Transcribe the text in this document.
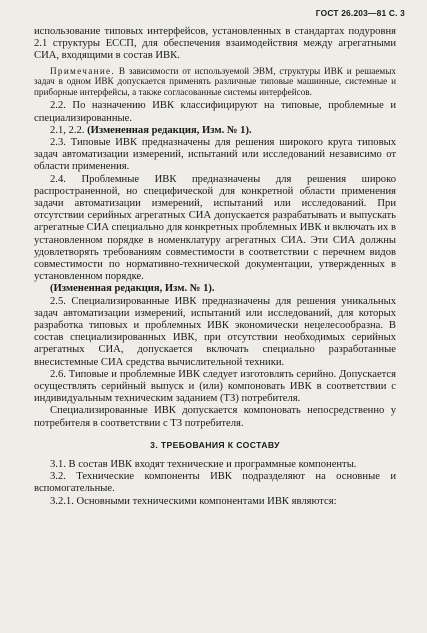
ГОСТ 26.203—81 С. 3

использование типовых интерфейсов, установленных в стандартах подуровня 2.1 структуры ЕССП, для обеспечения взаимодействия между агрегатными СИА, входящими в состав ИВК.

Примечание. В зависимости от используемой ЭВМ, структуры ИВК и решаемых задач в одном ИВК допускается применять различные типовые машинные, системные и приборные интерфейсы, а также согласованные системы интерфейсов.

2.2. По назначению ИВК классифицируют на типовые, проблемные и специализированные.

2.1, 2.2. (Измененная редакция, Изм. № 1).

2.3. Типовые ИВК предназначены для решения широкого круга типовых задач автоматизации измерений, испытаний или исследований независимо от области применения.

2.4. Проблемные ИВК предназначены для решения широко распространенной, но специфической для конкретной области применения задачи автоматизации измерений, испытаний или исследований. При отсутствии серийных агрегатных СИА допускается разрабатывать и выпускать агрегатные СИА специально для конкретных проблемных ИВК и включать их в установленном порядке в номенклатуру агрегатных СИА. Эти СИА должны удовлетворять требованиям совместимости в соответствии с перечнем видов совместимости по нормативно-технической документации, утвержденных в установленном порядке.

(Измененная редакция, Изм. № 1).

2.5. Специализированные ИВК предназначены для решения уникальных задач автоматизации измерений, испытаний или исследований, для которых разработка типовых и проблемных ИВК экономически нецелесообразна. В состав специализированных ИВК, при отсутствии необходимых серийных агрегатных СИА, допускается включать специально разработанные внесистемные СИА средства вычислительной техники.

2.6. Типовые и проблемные ИВК следует изготовлять серийно. Допускается осуществлять серийный выпуск и (или) компоновать ИВК в соответствии с индивидуальным техническим заданием (ТЗ) потребителя.

Специализированные ИВК допускается компоновать непосредственно у потребителя в соответствии с ТЗ потребителя.

3. ТРЕБОВАНИЯ К СОСТАВУ

3.1. В состав ИВК входят технические и программные компоненты.

3.2. Технические компоненты ИВК подразделяют на основные и вспомогательные.

3.2.1. Основными техническими компонентами ИВК являются:
